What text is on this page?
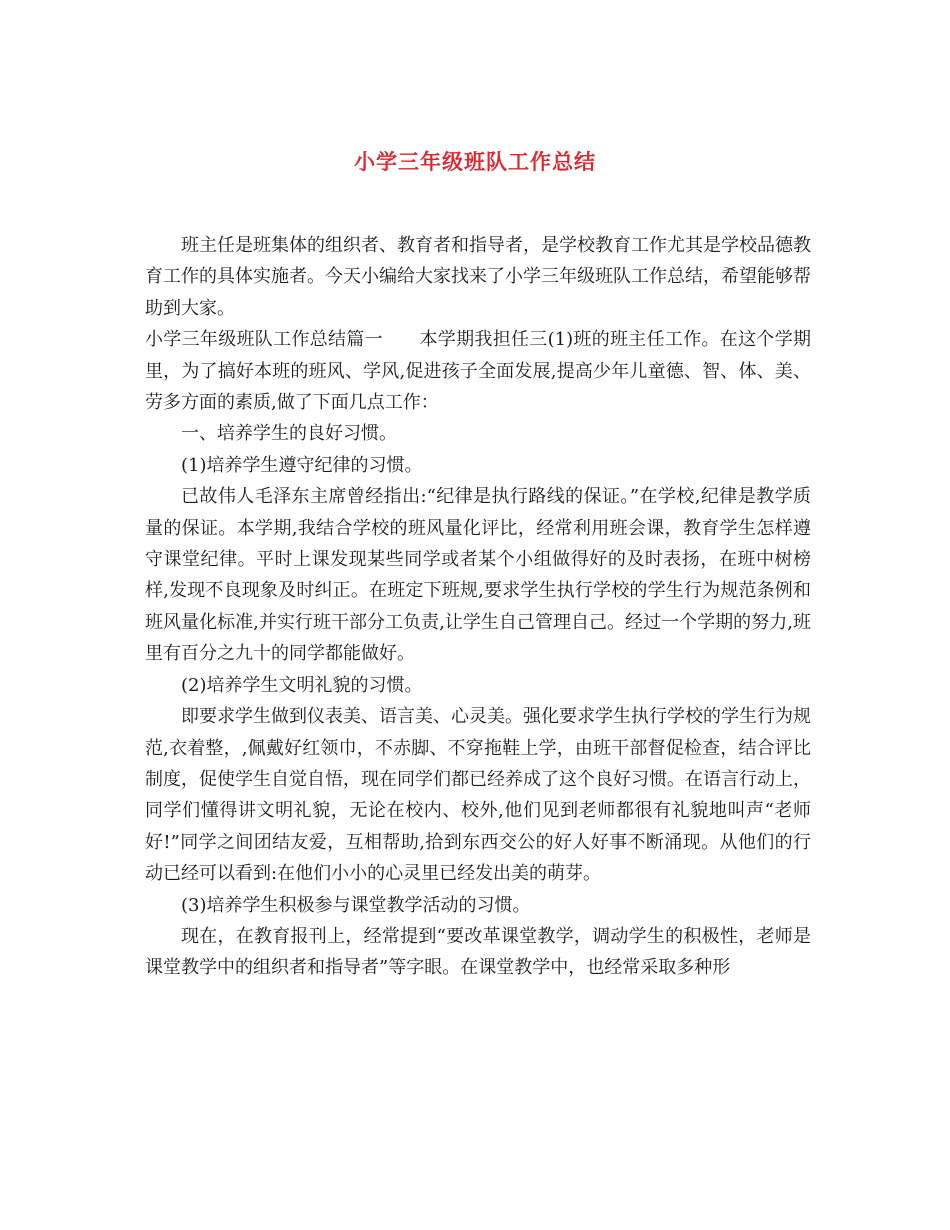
小学三年级班队工作总结

班主任是班集体的组织者、教育者和指导者，是学校教育工作尤其是学校品德教育工作的具体实施者。今天小编给大家找来了小学三年级班队工作总结，希望能够帮助到大家。

小学三年级班队工作总结篇一　　本学期我担任三(1)班的班主任工作。在这个学期里，为了搞好本班的班风、学风,促进孩子全面发展,提高少年儿童德、智、体、美、劳多方面的素质,做了下面几点工作：

一、培养学生的良好习惯。

(1)培养学生遵守纪律的习惯。

已故伟人毛泽东主席曾经指出:“纪律是执行路线的保证。”在学校,纪律是教学质量的保证。本学期,我结合学校的班风量化评比，经常利用班会课，教育学生怎样遵守课堂纪律。平时上课发现某些同学或者某个小组做得好的及时表扬，在班中树榜样,发现不良现象及时纠正。在班定下班规,要求学生执行学校的学生行为规范条例和班风量化标准,并实行班干部分工负责,让学生自己管理自己。经过一个学期的努力,班里有百分之九十的同学都能做好。

(2)培养学生文明礼貌的习惯。

即要求学生做到仪表美、语言美、心灵美。强化要求学生执行学校的学生行为规范,衣着整，,佩戴好红领巾，不赤脚、不穿拖鞋上学，由班干部督促检查，结合评比制度，促使学生自觉自悟，现在同学们都已经养成了这个良好习惯。在语言行动上，同学们懂得讲文明礼貌，无论在校内、校外,他们见到老师都很有礼貌地叫声“老师好!”同学之间团结友爱，互相帮助,拾到东西交公的好人好事不断涌现。从他们的行动已经可以看到:在他们小小的心灵里已经发出美的萌芽。

(3)培养学生积极参与课堂教学活动的习惯。

现在，在教育报刊上，经常提到“要改革课堂教学，调动学生的积极性，老师是课堂教学中的组织者和指导者”等字眼。在课堂教学中，也经常采取多种形
